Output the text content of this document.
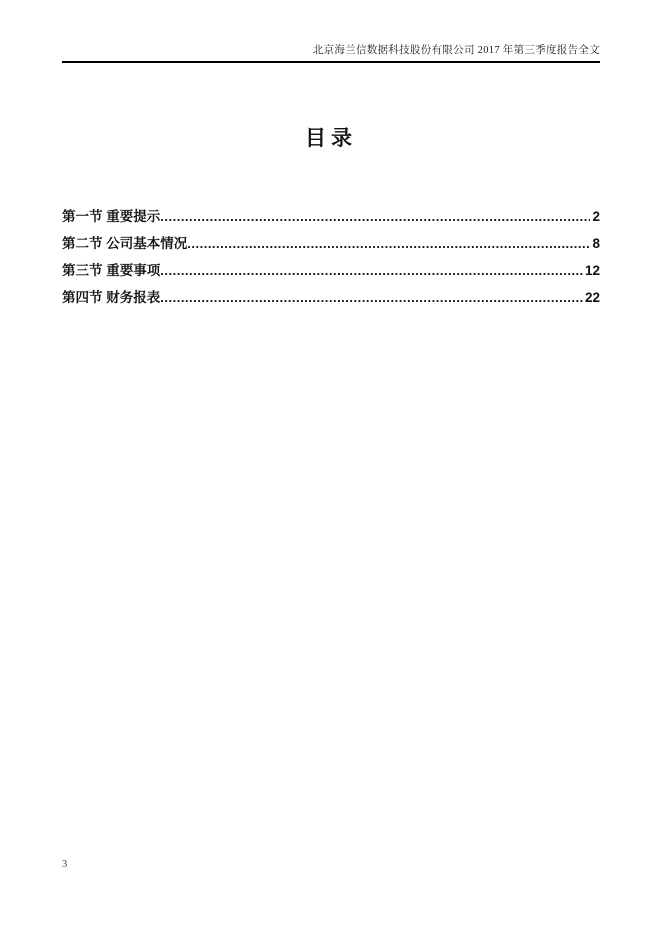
北京海兰信数据科技股份有限公司 2017 年第三季度报告全文
目录
第一节 重要提示 .....	2
第二节 公司基本情况 .....	8
第三节 重要事项 .....	12
第四节 财务报表 .....	22
3
